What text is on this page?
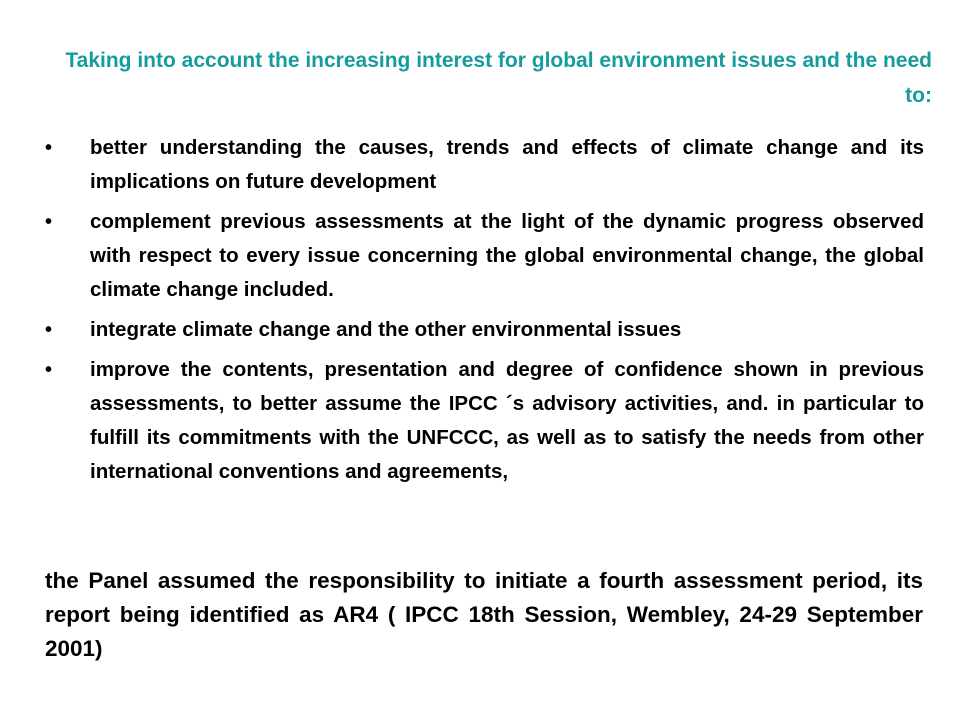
Taking into account the increasing interest for global environment issues and the need to:
• better understanding the causes, trends and effects of climate change and its implications on future development
• complement previous assessments at the light of the dynamic progress observed with respect to every issue concerning the global environmental change, the global climate change included.
• integrate climate change and the other environmental issues
• improve the contents, presentation and degree of confidence shown in previous assessments, to better assume the IPCC ´s advisory activities, and. in particular to fulfill its commitments with the UNFCCC, as well as to satisfy the needs from other international conventions and agreements,
the Panel assumed the responsibility to initiate a fourth assessment period, its report being identified as AR4 ( IPCC 18th Session, Wembley, 24-29 September 2001)
